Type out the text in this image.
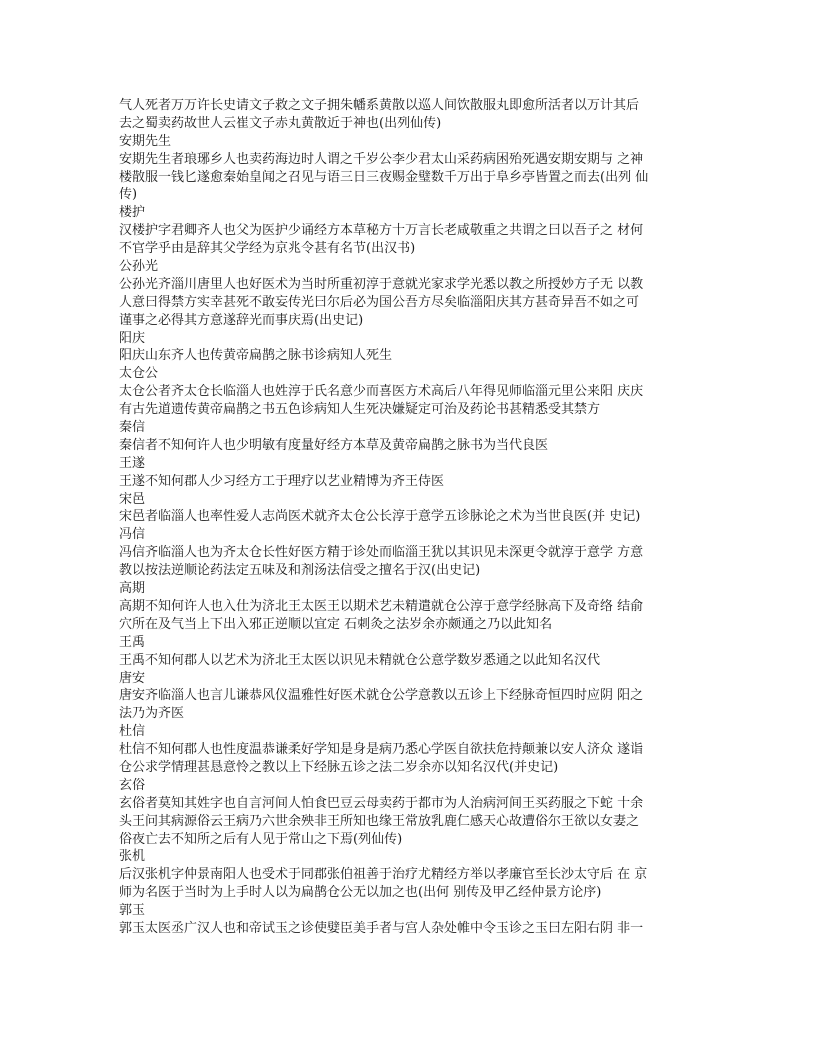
气人死者万万许长史请文子救之文子拥朱幡系黄散以巡人间饮散服丸即愈所活者以万计其后
去之蜀卖药故世人云崔文子赤丸黄散近于神也(出列仙传)
安期先生
安期先生者琅琊乡人也卖药海边时人谓之千岁公李少君太山采药病困殆死遇安期安期与 之神
楼散服一钱匕遂愈秦始皇闻之召见与语三日三夜赐金璧数千万出于阜乡亭皆置之而去(出列 仙
传)
楼护
汉楼护字君卿齐人也父为医护少诵经方本草秘方十万言长老咸敬重之共谓之曰以吾子之 材何
不官学乎由是辞其父学经为京兆令甚有名节(出汉书)
公孙光
公孙光齐淄川唐里人也好医术为当时所重初淳于意就光家求学光悉以教之所授妙方子无 以教
人意曰得禁方实幸甚死不敢妄传光曰尔后必为国公吾方尽矣临淄阳庆其方甚奇异吾不如之可
谨事之必得其方意遂辞光而事庆焉(出史记)
阳庆
阳庆山东齐人也传黄帝扁鹊之脉书诊病知人死生
太仓公
太仓公者齐太仓长临淄人也姓淳于氏名意少而喜医方术高后八年得见师临淄元里公来阳 庆庆
有古先道遗传黄帝扁鹊之书五色诊病知人生死决嫌疑定可治及药论书甚精悉受其禁方
秦信
秦信者不知何许人也少明敏有度量好经方本草及黄帝扁鹊之脉书为当代良医
王遂
王遂不知何郡人少习经方工于理疗以艺业精博为齐王侍医
宋邑
宋邑者临淄人也率性爱人志尚医术就齐太仓公长淳于意学五诊脉论之术为当世良医(并 史记)
冯信
冯信齐临淄人也为齐太仓长性好医方精于诊处而临淄王犹以其识见未深更令就淳于意学 方意
教以按法逆顺论药法定五味及和剂汤法信受之擅名于汉(出史记)
高期
高期不知何许人也入仕为济北王太医王以期术艺未精遣就仓公淳于意学经脉高下及奇络 结俞
穴所在及气当上下出入邪正逆顺以宜定 石刺灸之法岁余亦颇通之乃以此知名
王禹
王禹不知何郡人以艺术为济北王太医以识见未精就仓公意学数岁悉通之以此知名汉代
唐安
唐安齐临淄人也言儿谦恭风仪温雅性好医术就仓公学意教以五诊上下经脉奇恒四时应阴 阳之
法乃为齐医
杜信
杜信不知何郡人也性度温恭谦柔好学知是身是病乃悉心学医自欲扶危持颠兼以安人济众 遂诣
仓公求学情理甚恳意怜之教以上下经脉五诊之法二岁余亦以知名汉代(并史记)
玄俗
玄俗者莫知其姓字也自言河间人怕食巴豆云母卖药于都市为人治病河间王买药服之下蛇 十余
头王问其病源俗云王病乃六世余殃非王所知也缘王常放乳鹿仁感天心故遭俗尔王欲以女妻之
俗夜亡去不知所之后有人见于常山之下焉(列仙传)
张机
后汉张机字仲景南阳人也受术于同郡张伯祖善于治疗尤精经方举以孝廉官至长沙太守后 在 京
师为名医于当时为上手时人以为扁鹊仓公无以加之也(出何 别传及甲乙经仲景方论序)
郭玉
郭玉太医丞广汉人也和帝试玉之诊使嬖臣美手者与宫人杂处帷中令玉诊之玉曰左阳右阴 非一
